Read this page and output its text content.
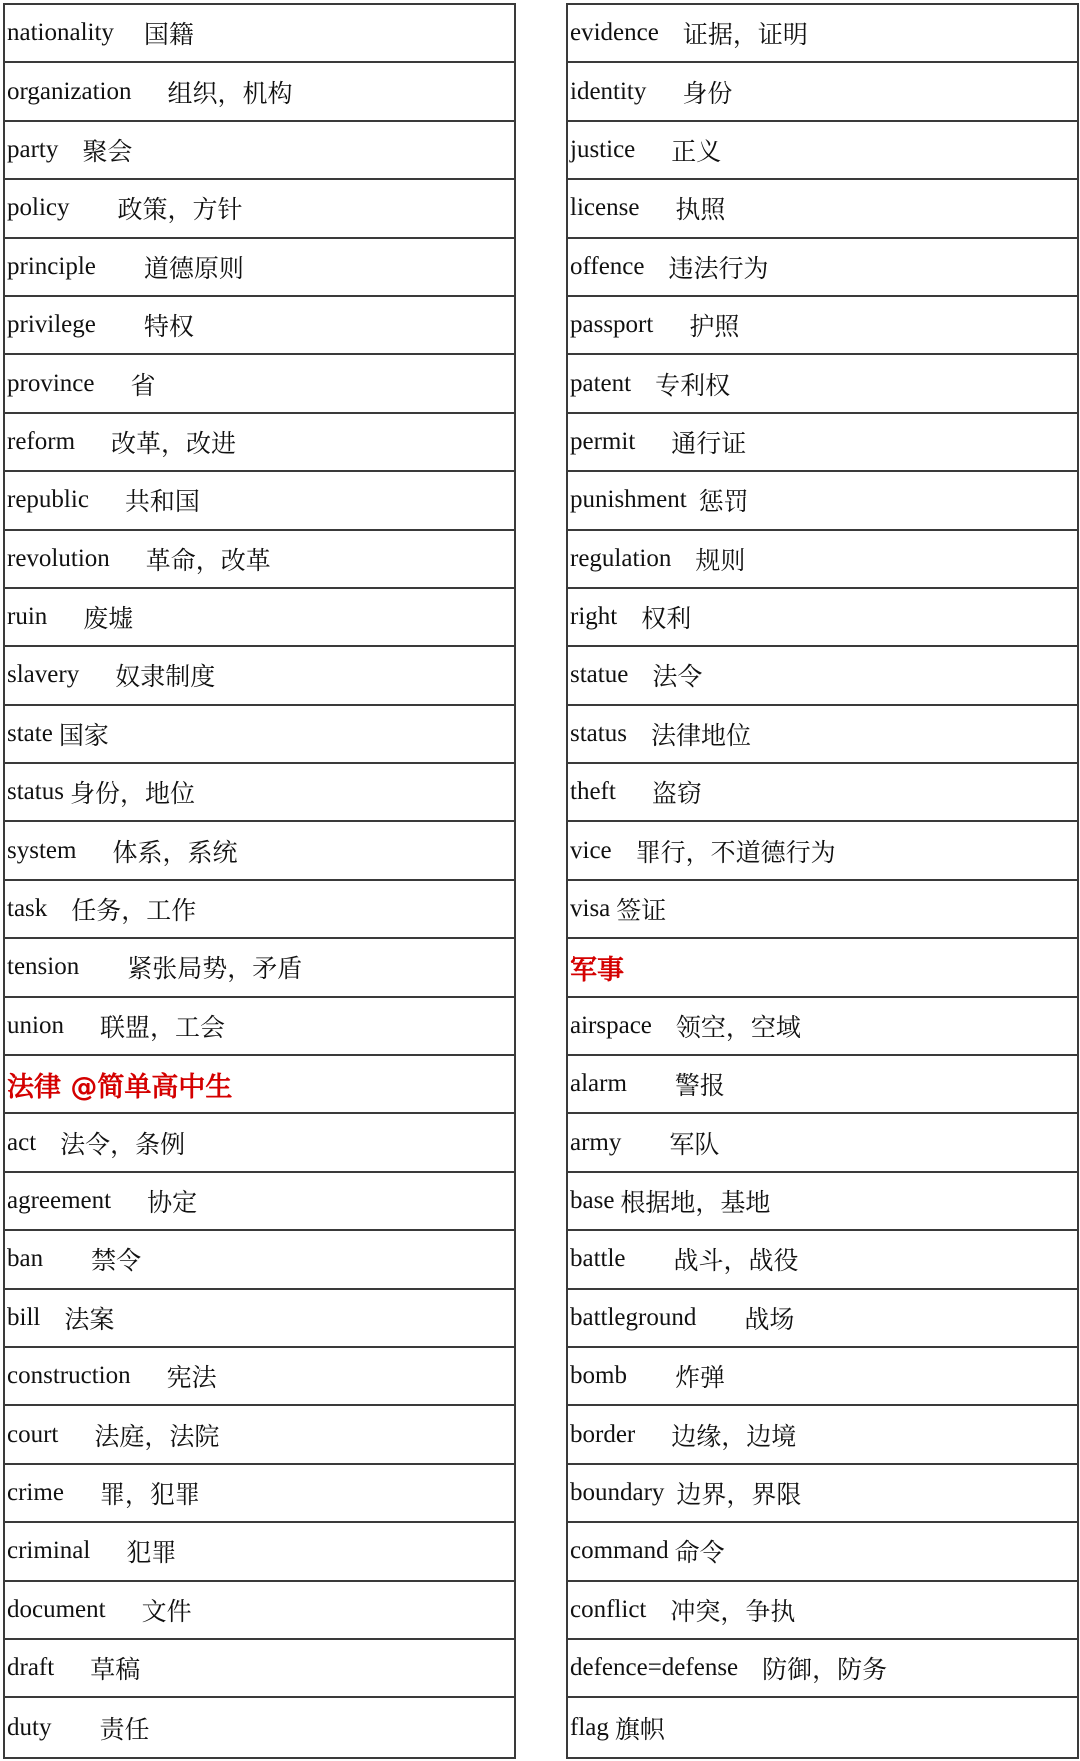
nationality 国籍
organization 组织，机构
party 聚会
policy 政策，方针
principle 道德原则
privilege 特权
province 省
reform 改革，改进
republic 共和国
revolution 革命，改革
ruin 废墟
slavery 奴隶制度
state 国家
status 身份，地位
system 体系，系统
task 任务，工作
tension 紧张局势，矛盾
union 联盟，工会
法律 @简单高中生
act 法令，条例
agreement 协定
ban 禁令
bill 法案
construction 宪法
court 法庭，法院
crime 罪，犯罪
criminal 犯罪
document 文件
draft 草稿
duty 责任
evidence 证据，证明
identity 身份
justice 正义
license 执照
offence 违法行为
passport 护照
patent 专利权
permit 通行证
punishment 惩罚
regulation 规则
right 权利
statue 法令
status 法律地位
theft 盗窃
vice 罪行，不道德行为
visa 签证
军事
airspace 领空，空域
alarm 警报
army 军队
base 根据地，基地
battle 战斗，战役
battleground 战场
bomb 炸弹
border 边缘，边境
boundary 边界，界限
command 命令
conflict 冲突，争执
defence=defense 防御，防务
flag 旗帜
